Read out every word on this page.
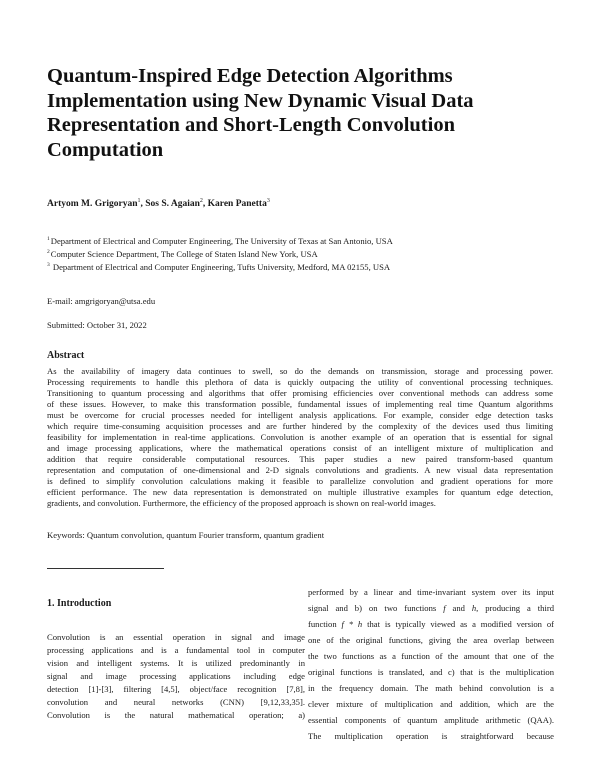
Quantum-Inspired Edge Detection Algorithms
Implementation using New Dynamic Visual Data
Representation and Short-Length Convolution
Computation
Artyom M. Grigoryan$^1$, Sos S. Agaian$^2$, Karen Panetta$^3$
$^1$Department of Electrical and Computer Engineering, The University of Texas at San Antonio, USA
$^2$Computer Science Department, The College of Staten Island New York, USA
$^3$ Department of Electrical and Computer Engineering, Tufts University, Medford, MA 02155, USA
E-mail: amgrigoryan@utsa.edu
Submitted: October 31, 2022
Abstract
As the availability of imagery data continues to swell, so do the demands on transmission, storage and processing power.
Processing requirements to handle this plethora of data is quickly outpacing the utility of conventional processing techniques.
Transitioning to quantum processing and algorithms that offer promising efficiencies over conventional methods can address some
of these issues. However, to make this transformation possible, fundamental issues of implementing real time Quantum algorithms
must be overcome for crucial processes needed for intelligent analysis applications. For example, consider edge detection tasks
which require time-consuming acquisition processes and are further hindered by the complexity of the devices used thus limiting
feasibility for implementation in real-time applications. Convolution is another example of an operation that is essential for signal
and image processing applications, where the mathematical operations consist of an intelligent mixture of multiplication and
addition that require considerable computational resources. This paper studies a new paired transform-based quantum
representation and computation of one-dimensional and 2-D signals convolutions and gradients. A new visual data representation
is defined to simplify convolution calculations making it feasible to parallelize convolution and gradient operations for more
efficient performance. The new data representation is demonstrated on multiple illustrative examples for quantum edge detection,
gradients, and convolution. Furthermore, the efficiency of the proposed approach is shown on real-world images.
Keywords: Quantum convolution, quantum Fourier transform, quantum gradient
1. Introduction
Convolution is an essential operation in signal and image
processing applications and is a fundamental tool in computer
vision and intelligent systems. It is utilized predominantly in
signal and image processing applications including edge
detection [1]-[3], filtering [4,5], object/face recognition [7,8],
convolution and neural networks (CNN) [9,12,33,35].
Convolution is the natural mathematical operation; a)
performed by a linear and time-invariant system over its input
signal and b) on two functions f and h, producing a third
function f * h that is typically viewed as a modified version of
one of the original functions, giving the area overlap between
the two functions as a function of the amount that one of the
original functions is translated, and c) that is the multiplication
in the frequency domain. The math behind convolution is a
clever mixture of multiplication and addition, which are the
essential components of quantum amplitude arithmetic (QAA).
The multiplication operation is straightforward because
